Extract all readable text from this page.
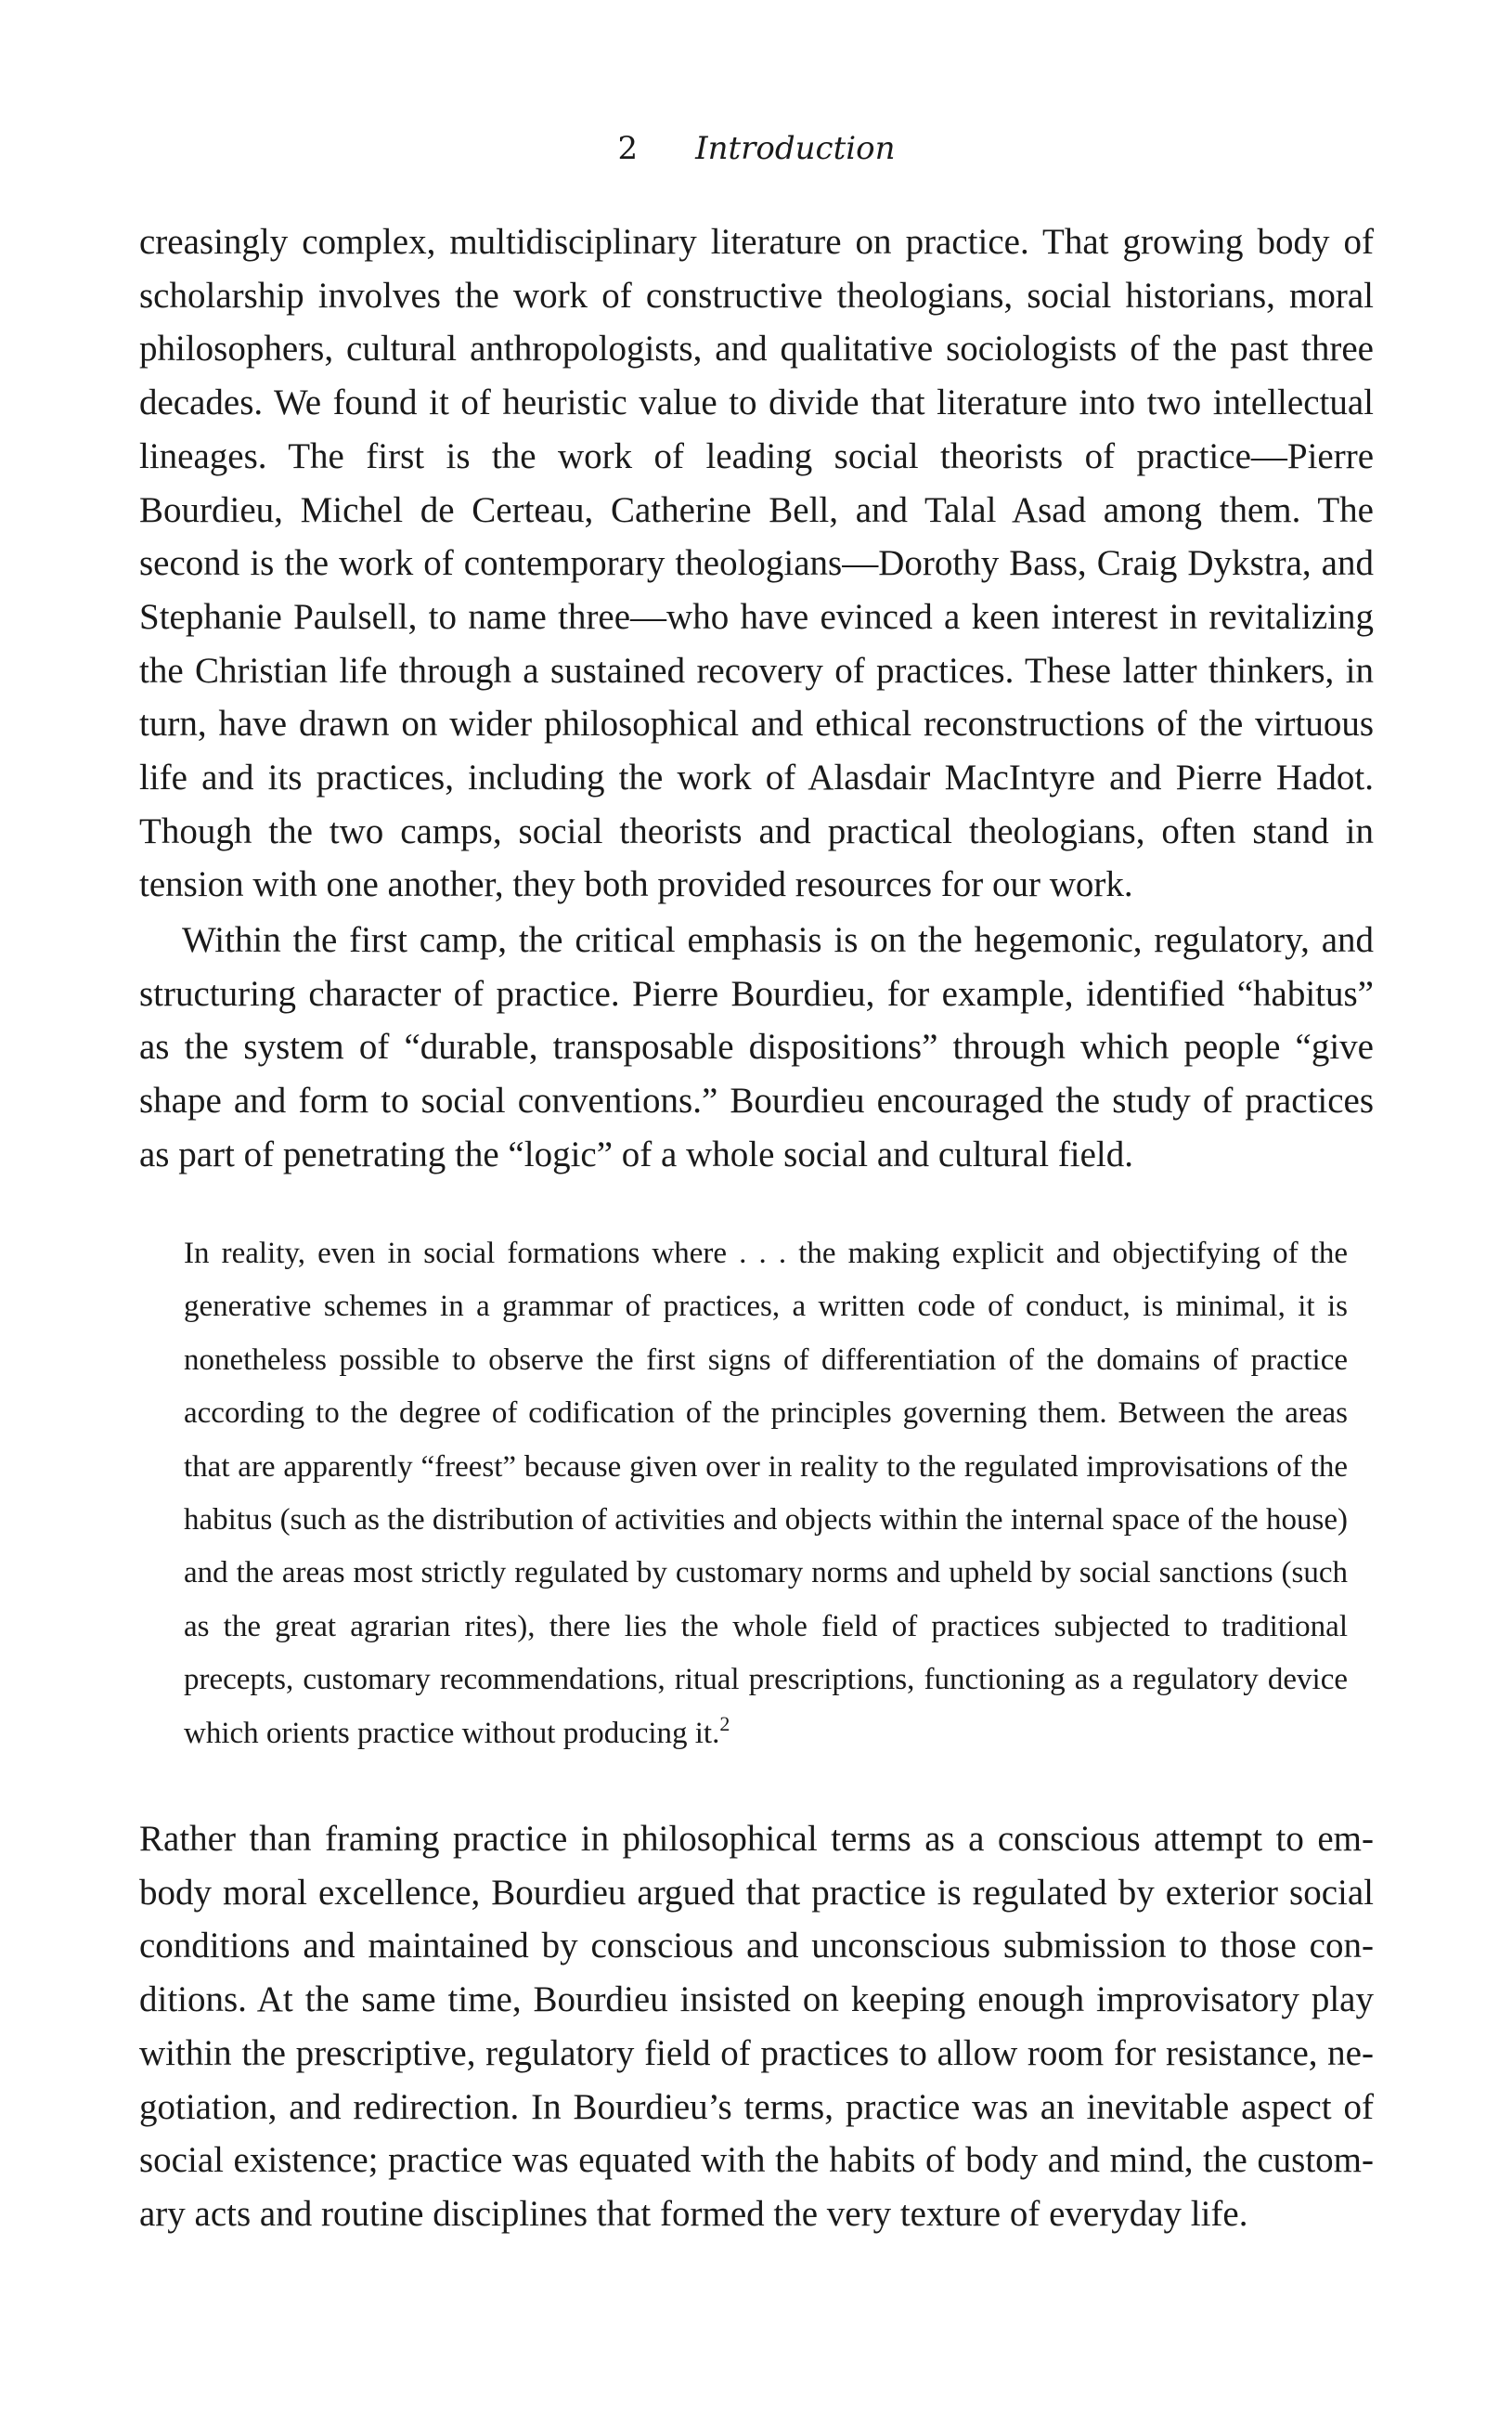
2 Introduction

creasingly complex, multidisciplinary literature on practice. That growing body of scholarship involves the work of constructive theologians, social historians, moral philosophers, cultural anthropologists, and qualitative sociologists of the past three decades. We found it of heuristic value to divide that literature into two intellectual lineages. The first is the work of leading social theorists of practice—Pierre Bourdieu, Michel de Certeau, Catherine Bell, and Talal Asad among them. The second is the work of contemporary theologians—Dorothy Bass, Craig Dykstra, and Stephanie Paulsell, to name three—who have evinced a keen interest in revitalizing the Christian life through a sustained recovery of practices. These latter thinkers, in turn, have drawn on wider philosophical and ethical reconstructions of the virtuous life and its practices, including the work of Alasdair MacIntyre and Pierre Hadot. Though the two camps, social theorists and practical theologians, often stand in tension with one another, they both provided resources for our work.

Within the first camp, the critical emphasis is on the hegemonic, regulatory, and structuring character of practice. Pierre Bourdieu, for example, identified “habitus” as the system of “durable, transposable dispositions” through which people “give shape and form to social conventions.” Bourdieu encouraged the study of practices as part of penetrating the “logic” of a whole social and cultural field.

In reality, even in social formations where . . . the making explicit and objectifying of the generative schemes in a grammar of practices, a written code of conduct, is minimal, it is nonetheless possible to observe the first signs of differentiation of the domains of practice according to the degree of codification of the principles governing them. Between the areas that are apparently “freest” because given over in reality to the regulated improvisations of the habitus (such as the distribution of activities and objects within the internal space of the house) and the areas most strictly regulated by customary norms and upheld by social sanctions (such as the great agrarian rites), there lies the whole field of practices subjected to traditional precepts, customary recommendations, ritual prescriptions, functioning as a regulatory device which orients practice without producing it.$^2$

Rather than framing practice in philosophical terms as a conscious attempt to embody moral excellence, Bourdieu argued that practice is regulated by exterior social conditions and maintained by conscious and unconscious submission to those conditions. At the same time, Bourdieu insisted on keeping enough improvisatory play within the prescriptive, regulatory field of practices to allow room for resistance, negotiation, and redirection. In Bourdieu’s terms, practice was an inevitable aspect of social existence; practice was equated with the habits of body and mind, the customary acts and routine disciplines that formed the very texture of everyday life.
